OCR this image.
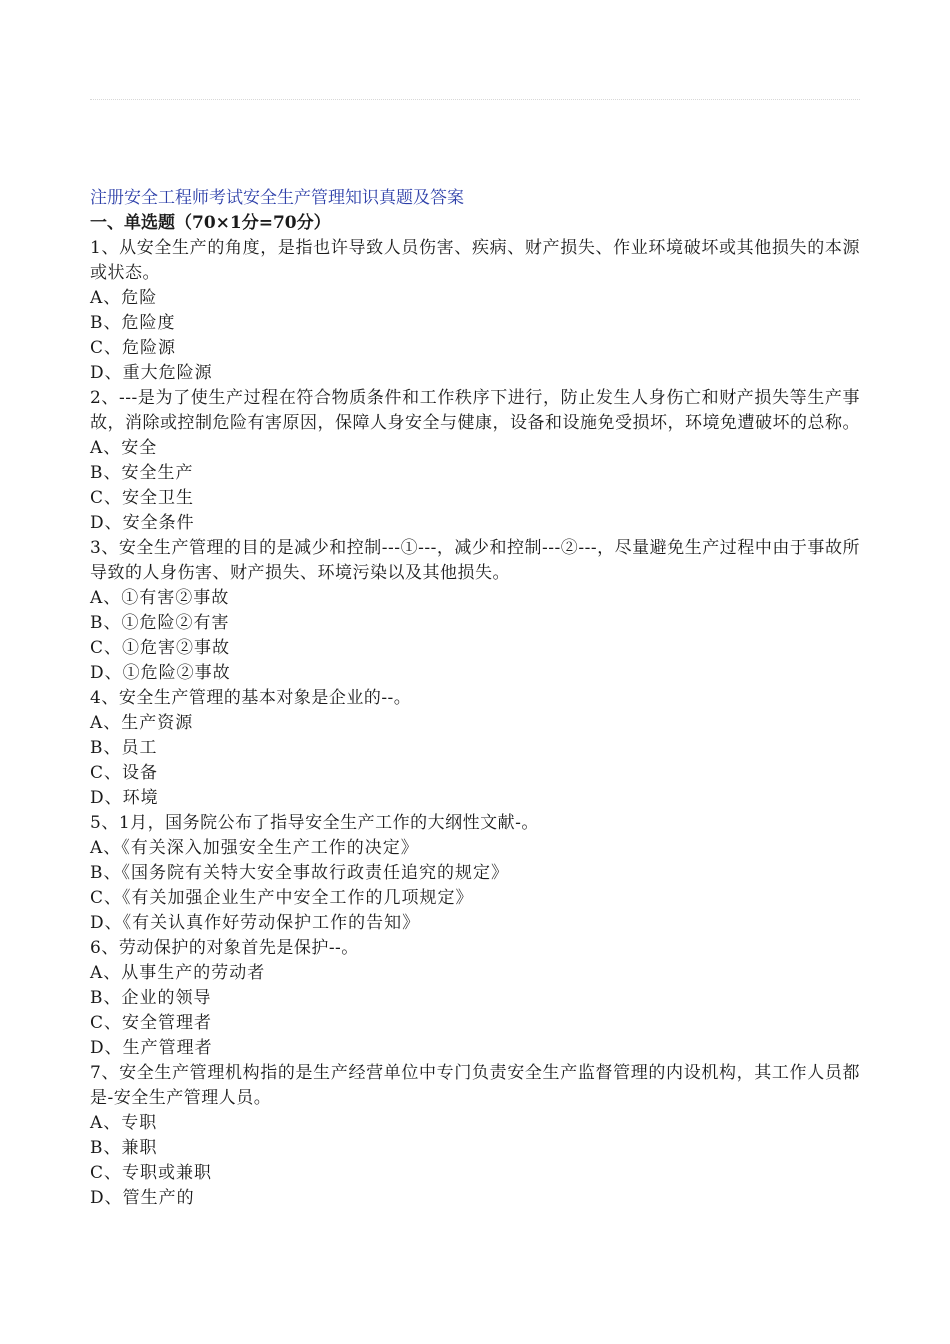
注册安全工程师考试安全生产管理知识真题及答案
一、单选题（70×1分=70分）
1、从安全生产的角度，是指也许导致人员伤害、疾病、财产损失、作业环境破坏或其他损失的本源或状态。
A、危险
B、危险度
C、危险源
D、重大危险源
2、---是为了使生产过程在符合物质条件和工作秩序下进行，防止发生人身伤亡和财产损失等生产事故，消除或控制危险有害原因，保障人身安全与健康，设备和设施免受损坏，环境免遭破坏的总称。
A、安全
B、安全生产
C、安全卫生
D、安全条件
3、安全生产管理的目的是减少和控制---①---，减少和控制---②---，尽量避免生产过程中由于事故所导致的人身伤害、财产损失、环境污染以及其他损失。
A、①有害②事故
B、①危险②有害
C、①危害②事故
D、①危险②事故
4、安全生产管理的基本对象是企业的--。
A、生产资源
B、员工
C、设备
D、环境
5、1月，国务院公布了指导安全生产工作的大纲性文献-。
A、《有关深入加强安全生产工作的决定》
B、《国务院有关特大安全事故行政责任追究的规定》
C、《有关加强企业生产中安全工作的几项规定》
D、《有关认真作好劳动保护工作的告知》
6、劳动保护的对象首先是保护--。
A、从事生产的劳动者
B、企业的领导
C、安全管理者
D、生产管理者
7、安全生产管理机构指的是生产经营单位中专门负责安全生产监督管理的内设机构，其工作人员都是-安全生产管理人员。
A、专职
B、兼职
C、专职或兼职
D、管生产的
